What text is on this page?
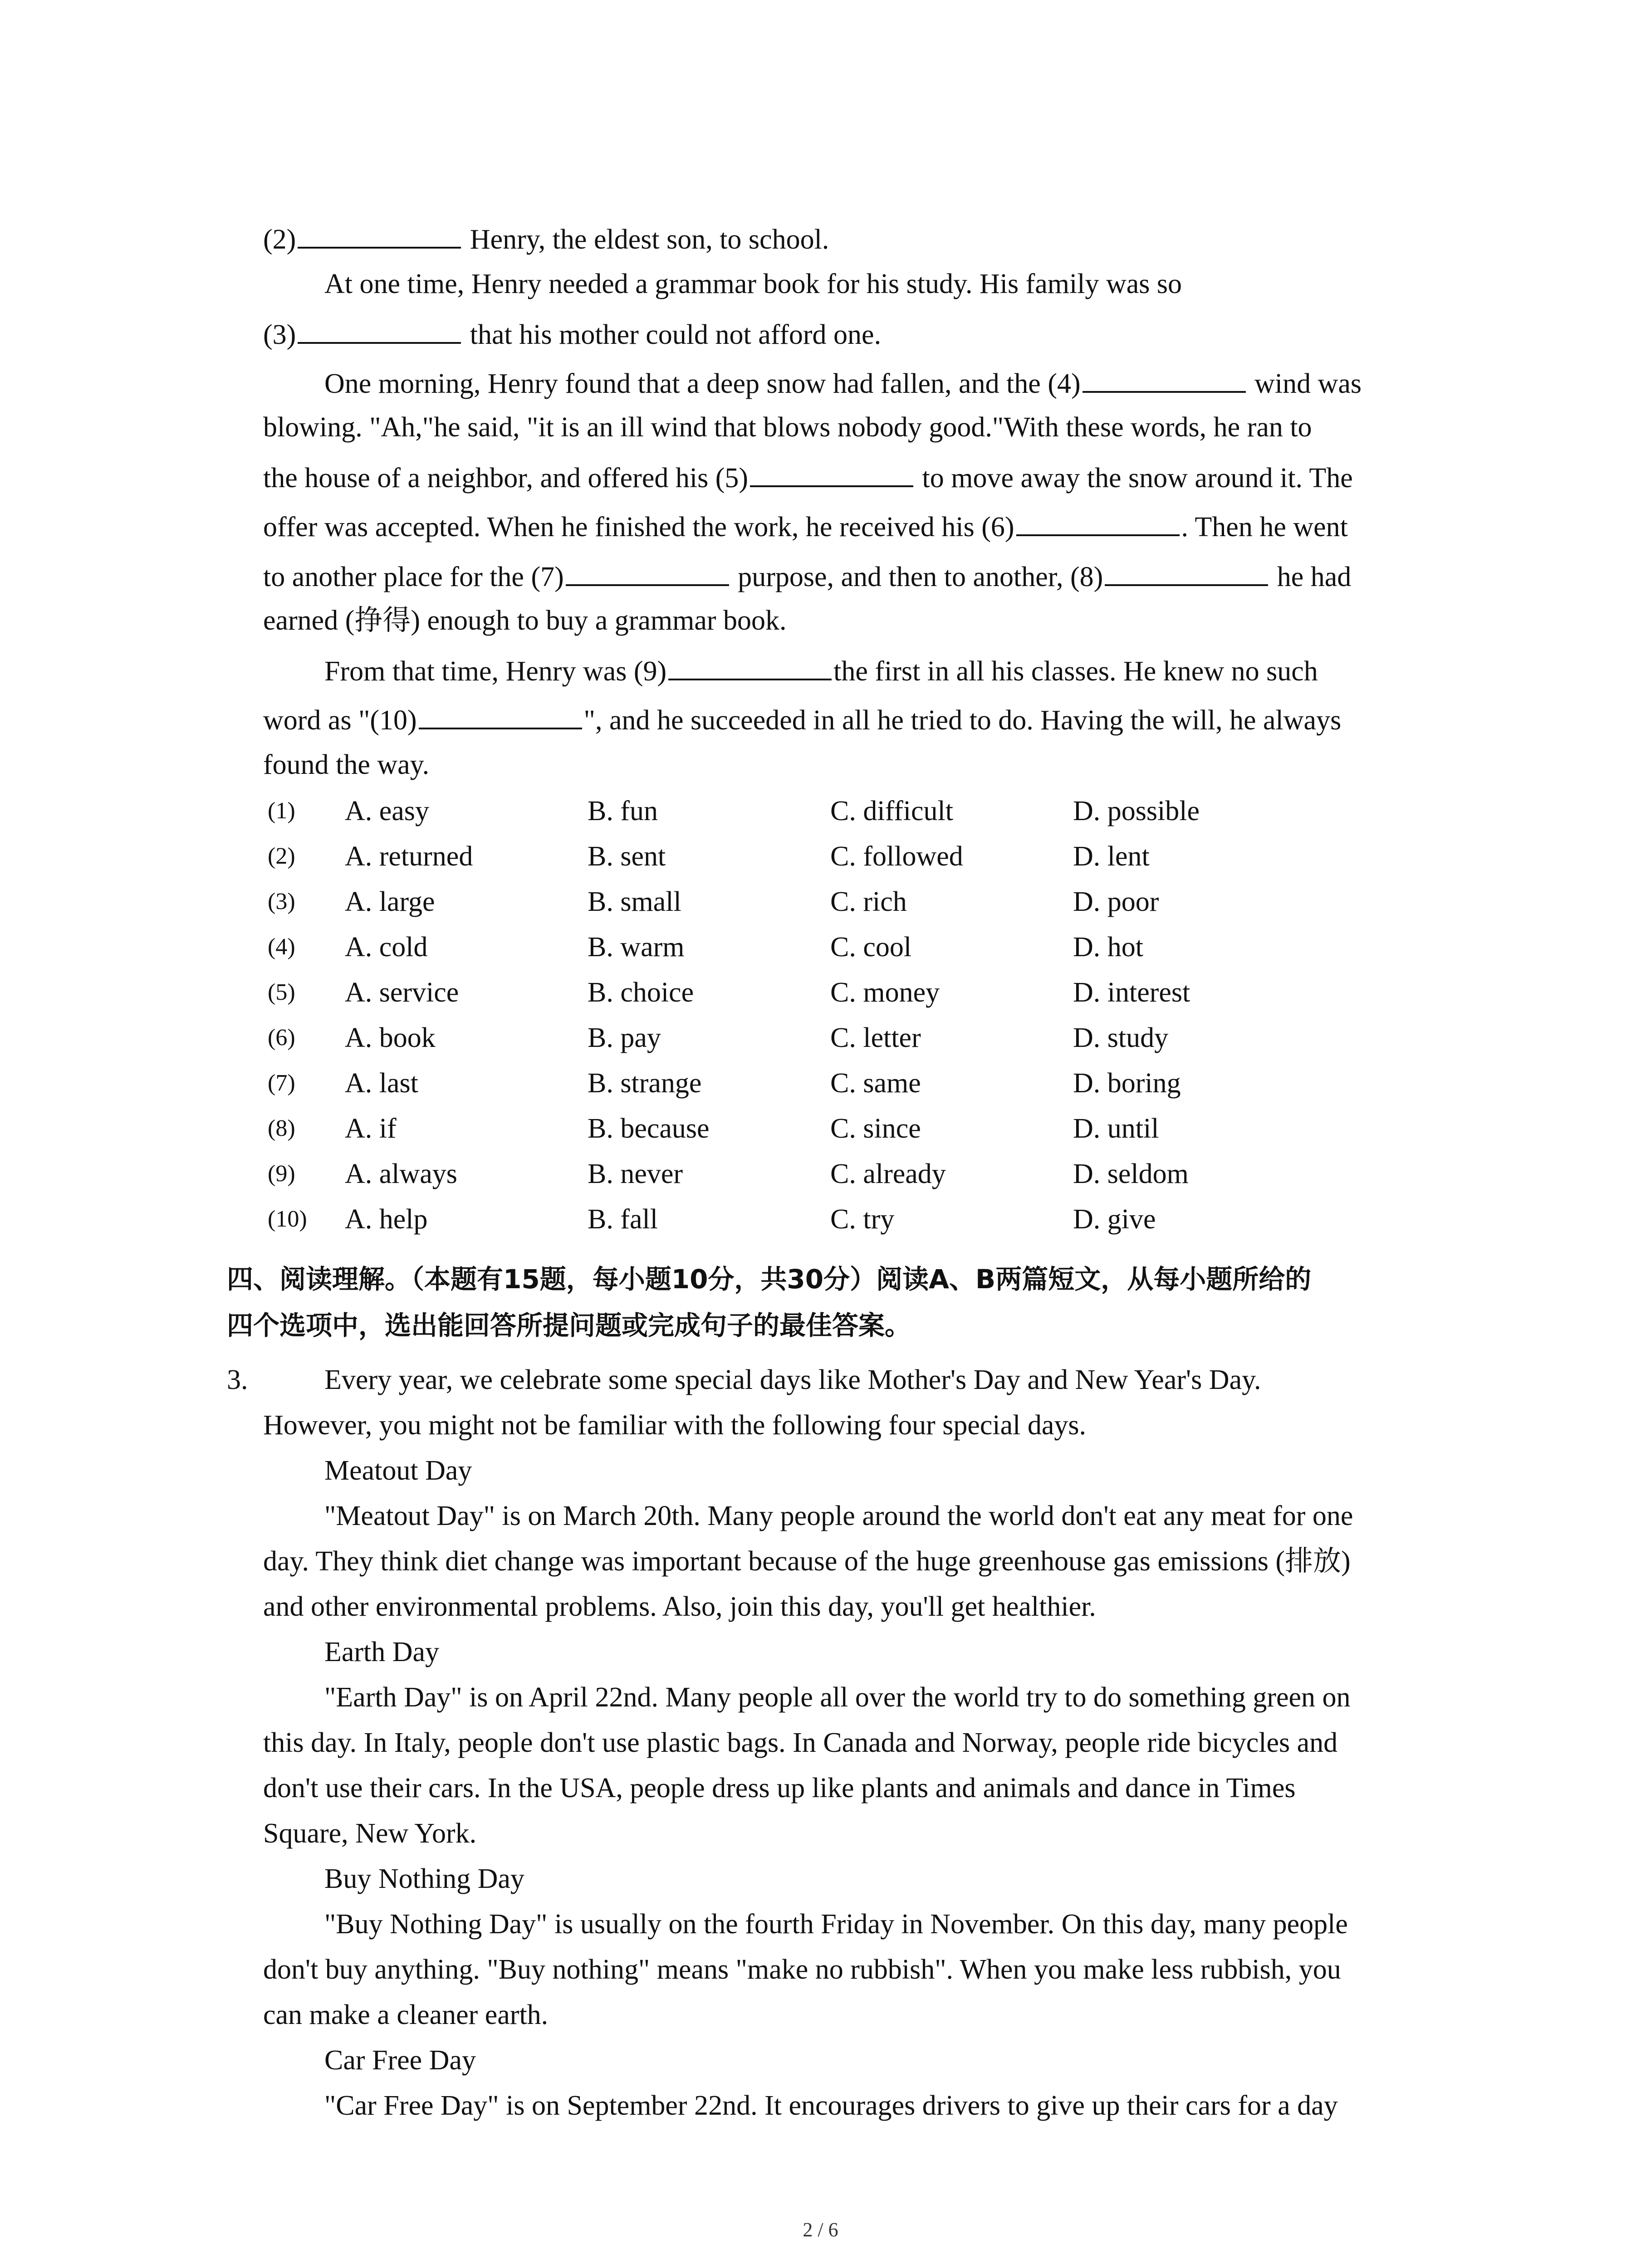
(2)	Henry, the eldest son, to school.
At one time, Henry needed a grammar book for his study. His family was so
(3)	that his mother could not afford one.
One morning, Henry found that a deep snow had fallen, and the (4)	wind was
blowing. "Ah,"he said, "it is an ill wind that blows nobody good."With these words, he ran to
the house of a neighbor, and offered his (5)	to move away the snow around it. The
offer was accepted. When he finished the work, he received his (6)	. Then he went
to another place for the (7)	purpose, and then to another, (8)	he had
earned (挣得) enough to buy a grammar book.
From that time, Henry was (9)	the first in all his classes. He knew no such
word as "(10)	", and he succeeded in all he tried to do. Having the will, he always
found the way.
(1) A. easy	B. fun	C. difficult	D. possible
(2) A. returned	B. sent	C. followed	D. lent
(3) A. large	B. small	C. rich	D. poor
(4) A. cold	B. warm	C. cool	D. hot
(5) A. service	B. choice	C. money	D. interest
(6) A. book	B. pay	C. letter	D. study
(7) A. last	B. strange	C. same	D. boring
(8) A. if	B. because	C. since	D. until
(9) A. always	B. never	C. already	D. seldom
(10) A. help	B. fall	C. try	D. give
四、阅读理解。（本题有15题，每小题10分，共30分）阅读A、B两篇短文，从每小题所给的
四个选项中，选出能回答所提问题或完成句子的最佳答案。
3.	Every year, we celebrate some special days like Mother's Day and New Year's Day.
However, you might not be familiar with the following four special days.
Meatout Day
"Meatout Day" is on March 20th. Many people around the world don't eat any meat for one
day. They think diet change was important because of the huge greenhouse gas emissions (排放)
and other environmental problems. Also, join this day, you'll get healthier.
Earth Day
"Earth Day" is on April 22nd. Many people all over the world try to do something green on
this day. In Italy, people don't use plastic bags. In Canada and Norway, people ride bicycles and
don't use their cars. In the USA, people dress up like plants and animals and dance in Times
Square, New York.
Buy Nothing Day
"Buy Nothing Day" is usually on the fourth Friday in November. On this day, many people
don't buy anything. "Buy nothing" means "make no rubbish". When you make less rubbish, you
can make a cleaner earth.
Car Free Day
"Car Free Day" is on September 22nd. It encourages drivers to give up their cars for a day
2 / 6
